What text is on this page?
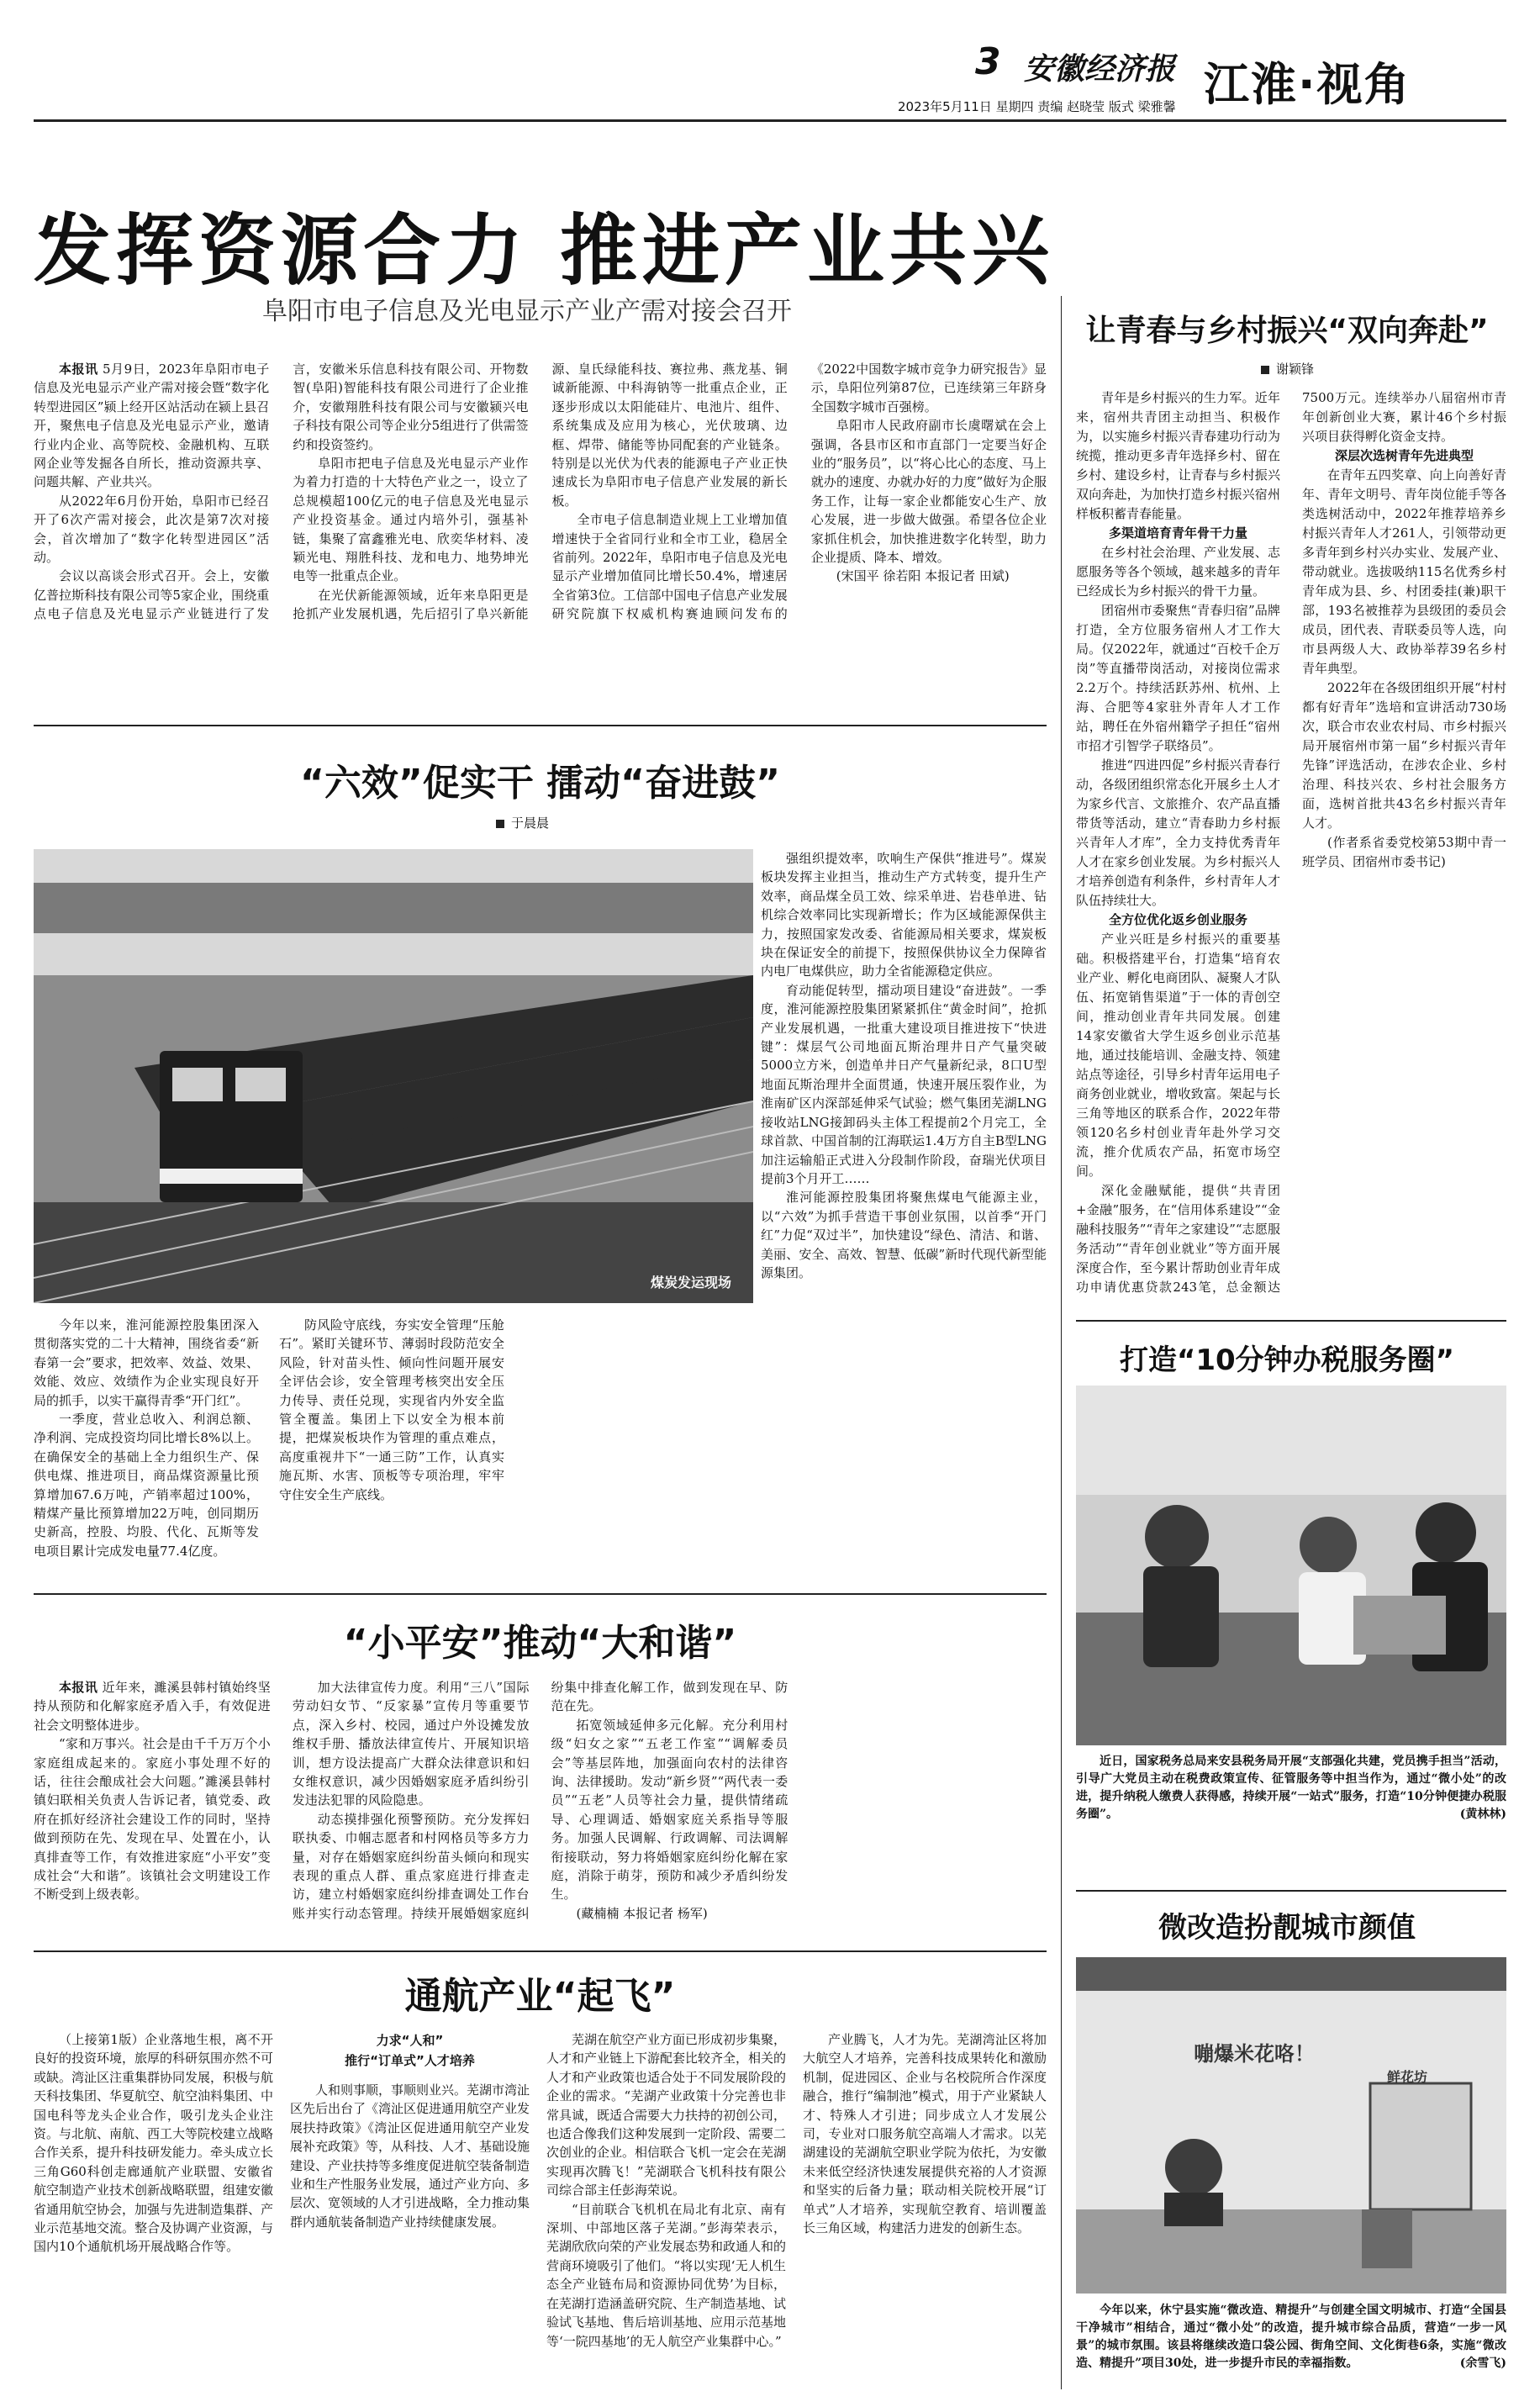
3 安徽经济报
2023年5月11日 星期四 责编 赵晓莹 版式 梁雅馨 江淮·视角
发挥资源合力 推进产业共兴
阜阳市电子信息及光电显示产业产需对接会召开

本报讯 5月9日，2023年阜阳市电子信息及光电显示产业产需对接会暨“数字化转型进园区”颍上经开区站活动在颍上县召开，聚焦电子信息及光电显示产业，邀请行业内企业、高等院校、金融机构、互联网企业等发掘各自所长，推动资源共享、问题共解、产业共兴。

从2022年6月份开始，阜阳市已经召开了6次产需对接会，此次是第7次对接会，首次增加了“数字化转型进园区”活动。

会议以高谈会形式召开。会上，安徽亿普拉斯科技有限公司等5家企业，围绕重点电子信息及光电显示产业链进行了发言，安徽米乐信息科技有限公司、开物数智(阜阳)智能科技有限公司进行了企业推介，安徽翔胜科技有限公司与安徽颍兴电子科技有限公司等企业分5组进行了供需签约和投资签约。

阜阳市把电子信息及光电显示产业作为着力打造的十大特色产业之一，设立了总规模超100亿元的电子信息及光电显示产业投资基金。通过内培外引，强基补链，集聚了富鑫雅光电、欣奕华材料、凌颖光电、翔胜科技、龙和电力、地势坤光电等一批重点企业。

在光伏新能源领域，近年来阜阳更是抢抓产业发展机遇，先后招引了阜兴新能源、皇氏绿能科技、赛拉弗、燕龙基、铜诚新能源、中科海钠等一批重点企业，正逐步形成以太阳能硅片、电池片、组件、系统集成及应用为核心，光伏玻璃、边框、焊带、储能等协同配套的产业链条。特别是以光伏为代表的能源电子产业正快速成长为阜阳市电子信息产业发展的新长板。

全市电子信息制造业规上工业增加值增速快于全省同行业和全市工业，稳居全省前列。2022年，阜阳市电子信息及光电显示产业增加值同比增长50.4%，增速居全省第3位。工信部中国电子信息产业发展研究院旗下权威机构赛迪顾问发布的《2022中国数字城市竞争力研究报告》显示，阜阳位列第87位，已连续第三年跻身全国数字城市百强榜。

阜阳市人民政府副市长虞曙斌在会上强调，各县市区和市直部门一定要当好企业的“服务员”，以“将心比心的态度、马上就办的速度、办就办好的力度”做好为企服务工作，让每一家企业都能安心生产、放心发展，进一步做大做强。希望各位企业家抓住机会，加快推进数字化转型，助力企业提质、降本、增效。

(宋国平 徐若阳 本报记者 田斌)

让青春与乡村振兴“双向奔赴”
谢颖锋

青年是乡村振兴的生力军。近年来，宿州共青团主动担当、积极作为，以实施乡村振兴青春建功行动为统揽，推动更多青年选择乡村、留在乡村、建设乡村，让青春与乡村振兴双向奔赴，为加快打造乡村振兴宿州样板积蓄青春能量。

多渠道培育青年骨干力量

在乡村社会治理、产业发展、志愿服务等各个领域，越来越多的青年已经成长为乡村振兴的骨干力量。

团宿州市委聚焦“青春归宿”品牌打造，全方位服务宿州人才工作大局。仅2022年，就通过“百校千企万岗”等直播带岗活动，对接岗位需求2.2万个。持续活跃苏州、杭州、上海、合肥等4家驻外青年人才工作站，聘任在外宿州籍学子担任“宿州市招才引智学子联络员”。

推进“四进四促”乡村振兴青春行动，各级团组织常态化开展乡土人才为家乡代言、文旅推介、农产品直播带货等活动，建立“青春助力乡村振兴青年人才库”，全力支持优秀青年人才在家乡创业发展。为乡村振兴人才培养创造有利条件，乡村青年人才队伍持续壮大。

全方位优化返乡创业服务

产业兴旺是乡村振兴的重要基础。积极搭建平台，打造集“培育农业产业、孵化电商团队、凝聚人才队伍、拓宽销售渠道”于一体的青创空间，推动创业青年共同发展。创建14家安徽省大学生返乡创业示范基地，通过技能培训、金融支持、领建站点等途径，引导乡村青年运用电子商务创业就业，增收致富。架起与长三角等地区的联系合作，2022年带领120名乡村创业青年赴外学习交流，推介优质农产品，拓宽市场空间。

深化金融赋能，提供“共青团+金融”服务，在“信用体系建设”“金融科技服务”“青年之家建设”“志愿服务活动”“青年创业就业”等方面开展深度合作，至今累计帮助创业青年成功申请优惠贷款243笔，总金额达7500万元。连续举办八届宿州市青年创新创业大赛，累计46个乡村振兴项目获得孵化资金支持。

深层次选树青年先进典型

在青年五四奖章、向上向善好青年、青年文明号、青年岗位能手等各类选树活动中，2022年推荐培养乡村振兴青年人才261人，引领带动更多青年到乡村兴办实业、发展产业、带动就业。选拔吸纳115名优秀乡村青年成为县、乡、村团委挂(兼)职干部，193名被推荐为县级团的委员会成员，团代表、青联委员等人选，向市县两级人大、政协举荐39名乡村青年典型。

2022年在各级团组织开展“村村都有好青年”选培和宣讲活动730场次，联合市农业农村局、市乡村振兴局开展宿州市第一届“乡村振兴青年先锋”评选活动，在涉农企业、乡村治理、科技兴农、乡村社会服务方面，选树首批共43名乡村振兴青年人才。

(作者系省委党校第53期中青一班学员、团宿州市委书记)

“六效”促实干 擂动“奋进鼓”
于晨晨
煤炭发运现场

强组织提效率，吹响生产保供“推进号”。煤炭板块发挥主业担当，推动生产方式转变，提升生产效率，商品煤全员工效、综采单进、岩巷单进、钻机综合效率同比实现新增长；作为区域能源保供主力，按照国家发改委、省能源局相关要求，煤炭板块在保证安全的前提下，按照保供协议全力保障省内电厂电煤供应，助力全省能源稳定供应。

育动能促转型，擂动项目建设“奋进鼓”。一季度，淮河能源控股集团紧紧抓住“黄金时间”，抢抓产业发展机遇，一批重大建设项目推进按下“快进键”：煤层气公司地面瓦斯治理井日产气量突破5000立方米，创造单井日产气量新纪录，8口U型地面瓦斯治理井全面贯通，快速开展压裂作业，为淮南矿区内深部延伸采气试验；燃气集团芜湖LNG接收站LNG接卸码头主体工程提前2个月完工，全球首款、中国首制的江海联运1.4万方自主B型LNG加注运输船正式进入分段制作阶段，奋瑞光伏项目提前3个月开工……

淮河能源控股集团将聚焦煤电气能源主业，以“六效”为抓手营造干事创业氛围，以首季“开门红”力促“双过半”，加快建设“绿色、清洁、和谐、美丽、安全、高效、智慧、低碳”新时代现代新型能源集团。

今年以来，淮河能源控股集团深入贯彻落实党的二十大精神，围绕省委“新春第一会”要求，把效率、效益、效果、效能、效应、效绩作为企业实现良好开局的抓手，以实干赢得青季“开门红”。

一季度，营业总收入、利润总额、净利润、完成投资均同比增长8%以上。在确保安全的基础上全力组织生产、保供电煤、推进项目，商品煤资源量比预算增加67.6万吨，产销率超过100%，精煤产量比预算增加22万吨，创同期历史新高，控股、均股、代化、瓦斯等发电项目累计完成发电量77.4亿度。

防风险守底线，夯实安全管理“压舱石”。紧盯关键环节、薄弱时段防范安全风险，针对苗头性、倾向性问题开展安全评估会诊，安全管理考核突出安全压力传导、责任兑现，实现省内外安全监管全覆盖。集团上下以安全为根本前提，把煤炭板块作为管理的重点难点，高度重视井下“一通三防”工作，认真实施瓦斯、水害、顶板等专项治理，牢牢守住安全生产底线。

“小平安”推动“大和谐”

本报讯 近年来，濉溪县韩村镇始终坚持从预防和化解家庭矛盾入手，有效促进社会文明整体进步。

“家和万事兴。社会是由千千万万个小家庭组成起来的。家庭小事处理不好的话，往往会酿成社会大问题。”濉溪县韩村镇妇联相关负责人告诉记者，镇党委、政府在抓好经济社会建设工作的同时，坚持做到预防在先、发现在早、处置在小，认真排查等工作，有效推进家庭“小平安”变成社会“大和谐”。该镇社会文明建设工作不断受到上级表彰。

加大法律宣传力度。利用“三八”国际劳动妇女节、“反家暴”宣传月等重要节点，深入乡村、校园，通过户外设摊发放维权手册、播放法律宣传片、开展知识培训，想方设法提高广大群众法律意识和妇女维权意识，减少因婚姻家庭矛盾纠纷引发违法犯罪的风险隐患。

动态摸排强化预警预防。充分发挥妇联执委、巾帼志愿者和村网格员等多方力量，对存在婚姻家庭纠纷苗头倾向和现实表现的重点人群、重点家庭进行排查走访，建立村婚姻家庭纠纷排查调处工作台账并实行动态管理。持续开展婚姻家庭纠纷集中排查化解工作，做到发现在早、防范在先。

拓宽领域延伸多元化解。充分利用村级“妇女之家”“五老工作室”“调解委员会”等基层阵地，加强面向农村的法律咨询、法律援助。发动“新乡贤”“两代表一委员”“五老”人员等社会力量，提供情绪疏导、心理调适、婚姻家庭关系指导等服务。加强人民调解、行政调解、司法调解衔接联动，努力将婚姻家庭纠纷化解在家庭，消除于萌芽，预防和减少矛盾纠纷发生。

(藏楠楠 本报记者 杨军)

通航产业“起飞”

（上接第1版）企业落地生根，离不开良好的投资环境，旅厚的科研氛围亦然不可或缺。湾沚区注重集群协同发展，积极与航天科技集团、华夏航空、航空油料集团、中国电科等龙头企业合作，吸引龙头企业注资。与北航、南航、西工大等院校建立战略合作关系，提升科技研发能力。牵头成立长三角G60科创走廊通航产业联盟、安徽省航空制造产业技术创新战略联盟，组建安徽省通用航空协会，加强与先进制造集群、产业示范基地交流。整合及协调产业资源，与国内10个通航机场开展战略合作等。

力求“人和”
推行“订单式”人才培养

人和则事顺，事顺则业兴。芜湖市湾沚区先后出台了《湾沚区促进通用航空产业发展扶持政策》《湾沚区促进通用航空产业发展补充政策》等，从科技、人才、基础设施建设、产业扶持等多维度促进航空装备制造业和生产性服务业发展，通过产业方向、多层次、宽领域的人才引进战略，全力推动集群内通航装备制造产业持续健康发展。

芜湖在航空产业方面已形成初步集聚，人才和产业链上下游配套比较齐全，相关的人才和产业政策也适合处于不同发展阶段的企业的需求。“芜湖产业政策十分完善也非常具诚，既适合需要大力扶持的初创公司，也适合像我们这种发展到一定阶段、需要二次创业的企业。相信联合飞机一定会在芜湖实现再次腾飞！”芜湖联合飞机科技有限公司综合部主任彭海荣说。

“目前联合飞机机在局北有北京、南有深圳、中部地区落子芜湖。”彭海荣表示，芜湖欣欣向荣的产业发展态势和政通人和的营商环境吸引了他们。“将以实现‘无人机生态全产业链布局和资源协同优势’为目标，在芜湖打造涵盖研究院、生产制造基地、试验试飞基地、售后培训基地、应用示范基地等‘一院四基地’的无人航空产业集群中心。”

产业腾飞，人才为先。芜湖湾沚区将加大航空人才培养，完善科技成果转化和激励机制，促进园区、企业与名校院所合作深度融合，推行“编制池”模式，用于产业紧缺人才、特殊人才引进；同步成立人才发展公司，专业对口服务航空高端人才需求。以芜湖建设的芜湖航空职业学院为依托，为安徽未来低空经济快速发展提供充裕的人才资源和坚实的后备力量；联动相关院校开展“订单式”人才培养，实现航空教育、培训覆盖长三角区域，构建活力进发的创新生态。

打造“10分钟办税服务圈”
近日，国家税务总局来安县税务局开展“支部强化共建，党员携手担当”活动，引导广大党员主动在税费政策宣传、征管服务等中担当作为，通过“微小处”的改进，提升纳税人缴费人获得感，持续开展“一站式”服务，打造“10分钟便捷办税服务圈”。	(黄林林)
微改造扮靓城市颜值
嘣爆米花咯！
鲜花坊
今年以来，休宁县实施“微改造、精提升”与创建全国文明城市、打造“全国县干净城市”相结合，通过“微小处”的改造，提升城市综合品质，营造“一步一风景”的城市氛围。该县将继续改造口袋公园、街角空间、文化街巷6条，实施“微改造、精提升”项目30处，进一步提升市民的幸福指数。	(余雪飞)
